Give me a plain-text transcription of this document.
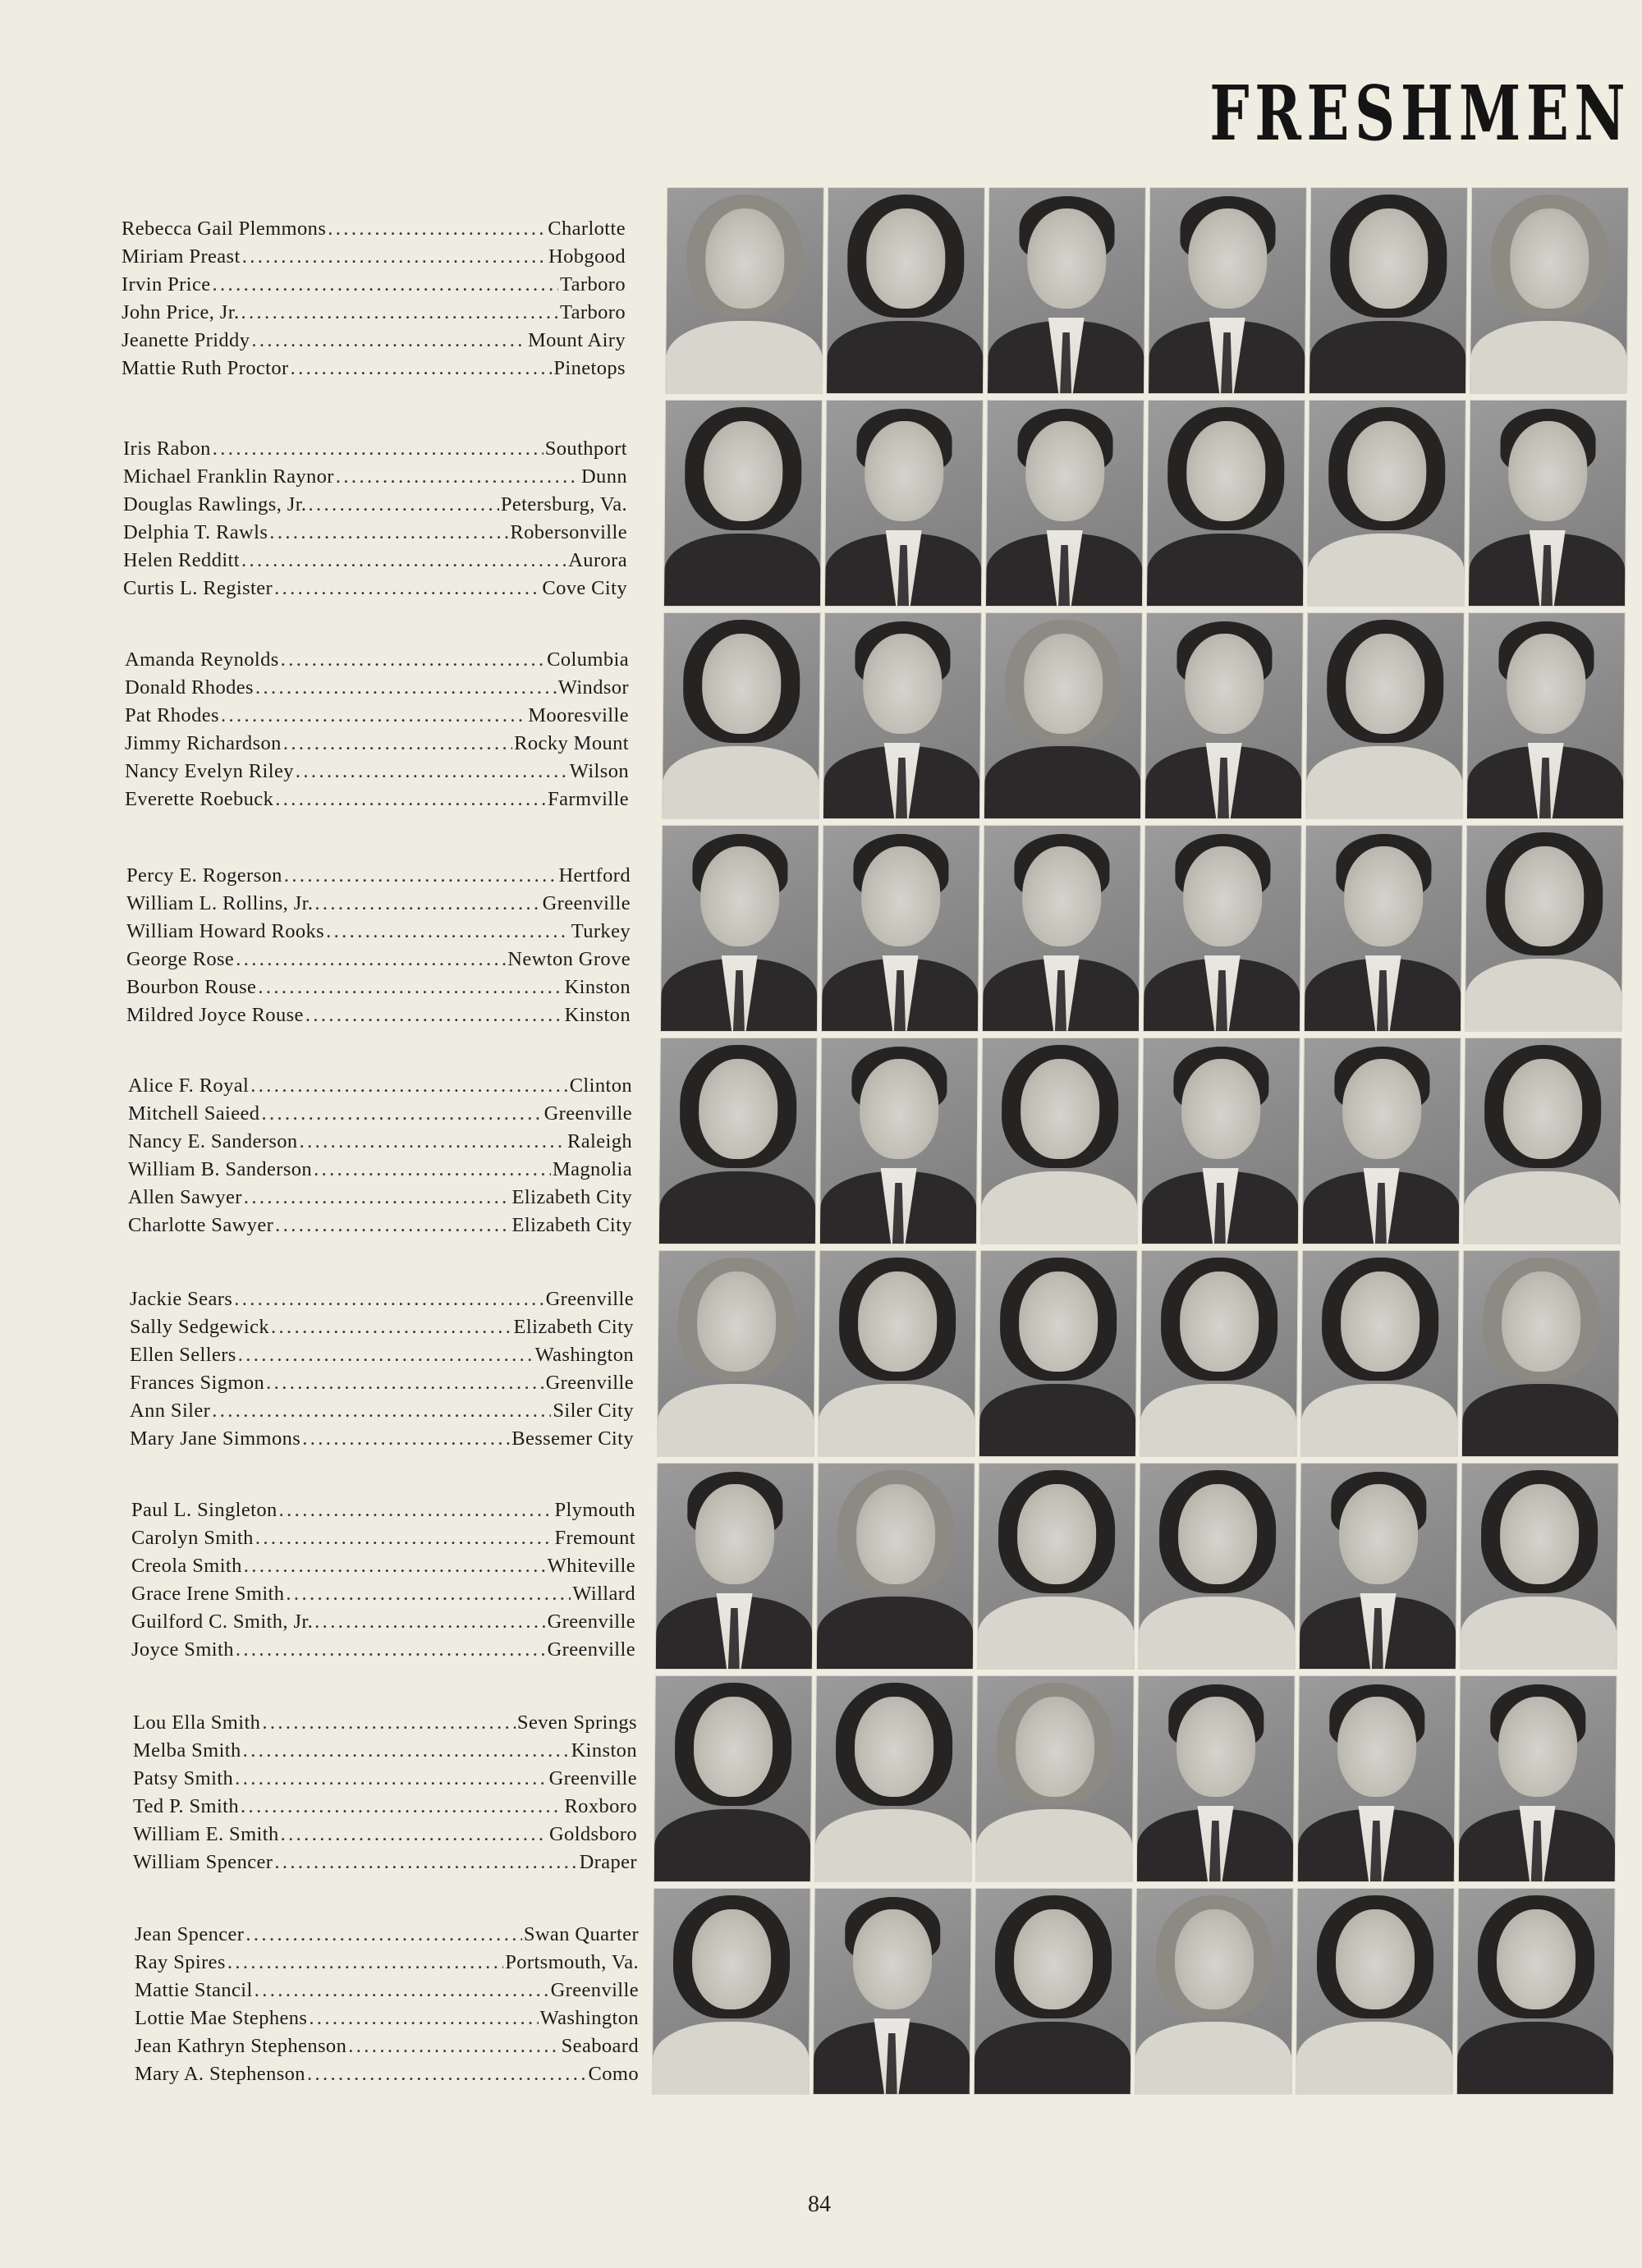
FRESHMEN
Rebecca Gail Plemmons .....	Charlotte
Miriam Preast .....	Hobgood
Irvin Price .....	Tarboro
John Price, Jr. .....	Tarboro
Jeanette Priddy .....	Mount Airy
Mattie Ruth Proctor .....	Pinetops
Iris Rabon .....	Southport
Michael Franklin Raynor .....	Dunn
Douglas Rawlings, Jr. .....	Petersburg, Va.
Delphia T. Rawls .....	Robersonville
Helen Redditt .....	Aurora
Curtis L. Register .....	Cove City
Amanda Reynolds .....	Columbia
Donald Rhodes .....	Windsor
Pat Rhodes .....	Mooresville
Jimmy Richardson .....	Rocky Mount
Nancy Evelyn Riley .....	Wilson
Everette Roebuck .....	Farmville
Percy E. Rogerson .....	Hertford
William L. Rollins, Jr. .....	Greenville
William Howard Rooks .....	Turkey
George Rose .....	Newton Grove
Bourbon Rouse .....	Kinston
Mildred Joyce Rouse .....	Kinston
Alice F. Royal .....	Clinton
Mitchell Saieed .....	Greenville
Nancy E. Sanderson .....	Raleigh
William B. Sanderson .....	Magnolia
Allen Sawyer .....	Elizabeth City
Charlotte Sawyer .....	Elizabeth City
Jackie Sears .....	Greenville
Sally Sedgewick .....	Elizabeth City
Ellen Sellers .....	Washington
Frances Sigmon .....	Greenville
Ann Siler .....	Siler City
Mary Jane Simmons .....	Bessemer City
Paul L. Singleton .....	Plymouth
Carolyn Smith .....	Fremount
Creola Smith .....	Whiteville
Grace Irene Smith .....	Willard
Guilford C. Smith, Jr. .....	Greenville
Joyce Smith .....	Greenville
Lou Ella Smith .....	Seven Springs
Melba Smith .....	Kinston
Patsy Smith .....	Greenville
Ted P. Smith .....	Roxboro
William E. Smith .....	Goldsboro
William Spencer .....	Draper
Jean Spencer .....	Swan Quarter
Ray Spires .....	Portsmouth, Va.
Mattie Stancil .....	Greenville
Lottie Mae Stephens .....	Washington
Jean Kathryn Stephenson .....	Seaboard
Mary A. Stephenson .....	Como
84
